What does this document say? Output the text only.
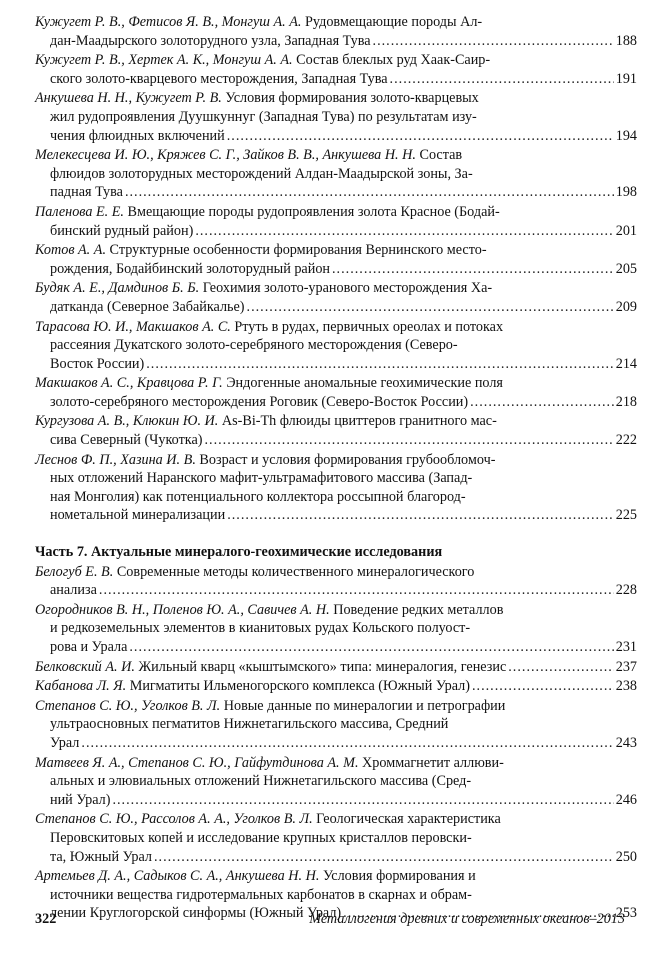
Кужугет Р. В., Фетисов Я. В., Монгуш А. А. Рудовмещающие породы Ал-
дан-Маадырского золоторудного узла, Западная Тува .....	188
Кужугет Р. В., Хертек А. К., Монгуш А. А. Состав блеклых руд Хаак-Саир-
ского золото-кварцевого месторождения, Западная Тува .....	191
Анкушева Н. Н., Кужугет Р. В. Условия формирования золото-кварцевых
жил рудопроявления Дуушкуннуг (Западная Тува) по результатам изу-
чения флюидных включений .....	194
Мелекесцева И. Ю., Кряжев С. Г., Зайков В. В., Анкушева Н. Н. Состав
флюидов золоторудных месторождений Алдан-Маадырской зоны, За-
падная Тува .....	198
Паленова Е. Е. Вмещающие породы рудопроявления золота Красное (Бодай-
бинский рудный район) .....	201
Котов А. А. Структурные особенности формирования Вернинского место-
рождения, Бодайбинский золоторудный район .....	205
Будяк А. Е., Дамдинов Б. Б. Геохимия золото-уранового месторождения Ха-
датканда (Северное Забайкалье) .....	209
Тарасова Ю. И., Макшаков А. С. Ртуть в рудах, первичных ореолах и потоках
рассеяния Дукатского золото-серебряного месторождения (Северо-
Восток России) .....	214
Макшаков А. С., Кравцова Р. Г. Эндогенные аномальные геохимические поля
золото-серебряного месторождения Роговик (Северо-Восток России) .....	218
Кургузова А. В., Клюкин Ю. И. As-Bi-Th флюиды цвиттеров гранитного мас-
сива Северный (Чукотка) .....	222
Леснов Ф. П., Хазина И. В. Возраст и условия формирования грубообломоч-
ных отложений Наранского мафит-ультрамафитового массива (Запад-
ная Монголия) как потенциального коллектора россыпной благород-
нометальной минерализации .....	225
Часть 7. Актуальные минералого-геохимические исследования
Белогуб Е. В. Современные методы количественного минералогического
анализа .....	228
Огородников В. Н., Поленов Ю. А., Савичев А. Н. Поведение редких металлов
и редкоземельных элементов в кианитовых рудах Кольского полуост-
рова и Урала .....	231
Белковский А. И. Жильный кварц «кыштымского» типа: минералогия, генезис .....	237
Кабанова Л. Я. Мигматиты Ильменогорского комплекса (Южный Урал) .....	238
Степанов С. Ю., Уголков В. Л. Новые данные по минералогии и петрографии
ультраосновных пегматитов Нижнетагильского массива, Средний
Урал .....	243
Матвеев Я. А., Степанов С. Ю., Гайфутдинова А. М. Хроммагнетит аллюви-
альных и элювиальных отложений Нижнетагильского массива (Сред-
ний Урал) .....	246
Степанов С. Ю., Рассолов А. А., Уголков В. Л. Геологическая характеристика
Перовскитовых копей и исследование крупных кристаллов перовски-
та, Южный Урал .....	250
Артемьев Д. А., Садыков С. А., Анкушева Н. Н. Условия формирования и
источники вещества гидротермальных карбонатов в скарнах и обрам-
лении Круглогорской синформы (Южный Урал) .....	253
322	Металлогения древних и современных океанов–2013
